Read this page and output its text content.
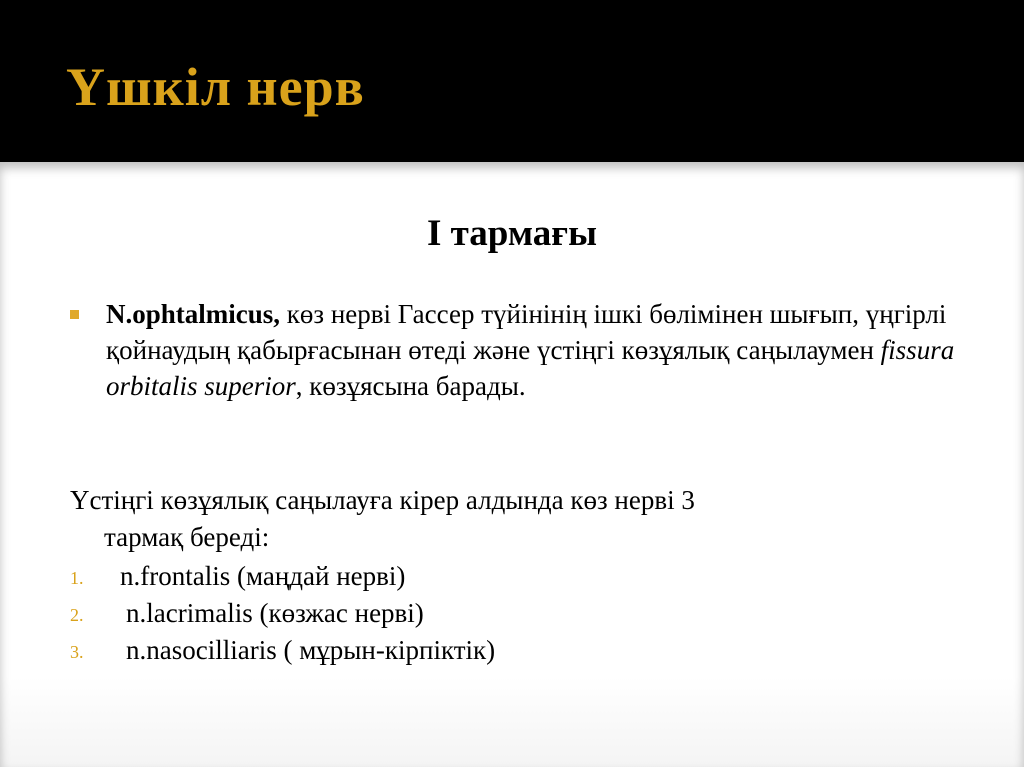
Үшкіл нерв
I тармағы
N.ophtalmicus, көз нерві Гассер түйінінің ішкі бөлімінен шығып, үңгірлі қойнаудың қабырғасынан өтеді және үстіңгі көзұялық саңылаумен fissura orbitalis superior, көзұясына барады.
Үстіңгі көзұялық саңылауға кірер алдында көз нерві 3
тармақ береді:
1. n.frontalis (маңдай нерві)
2. n.lacrimalis (көзжас нерві)
3. n.nasocilliaris ( мұрын-кірпіктік)
